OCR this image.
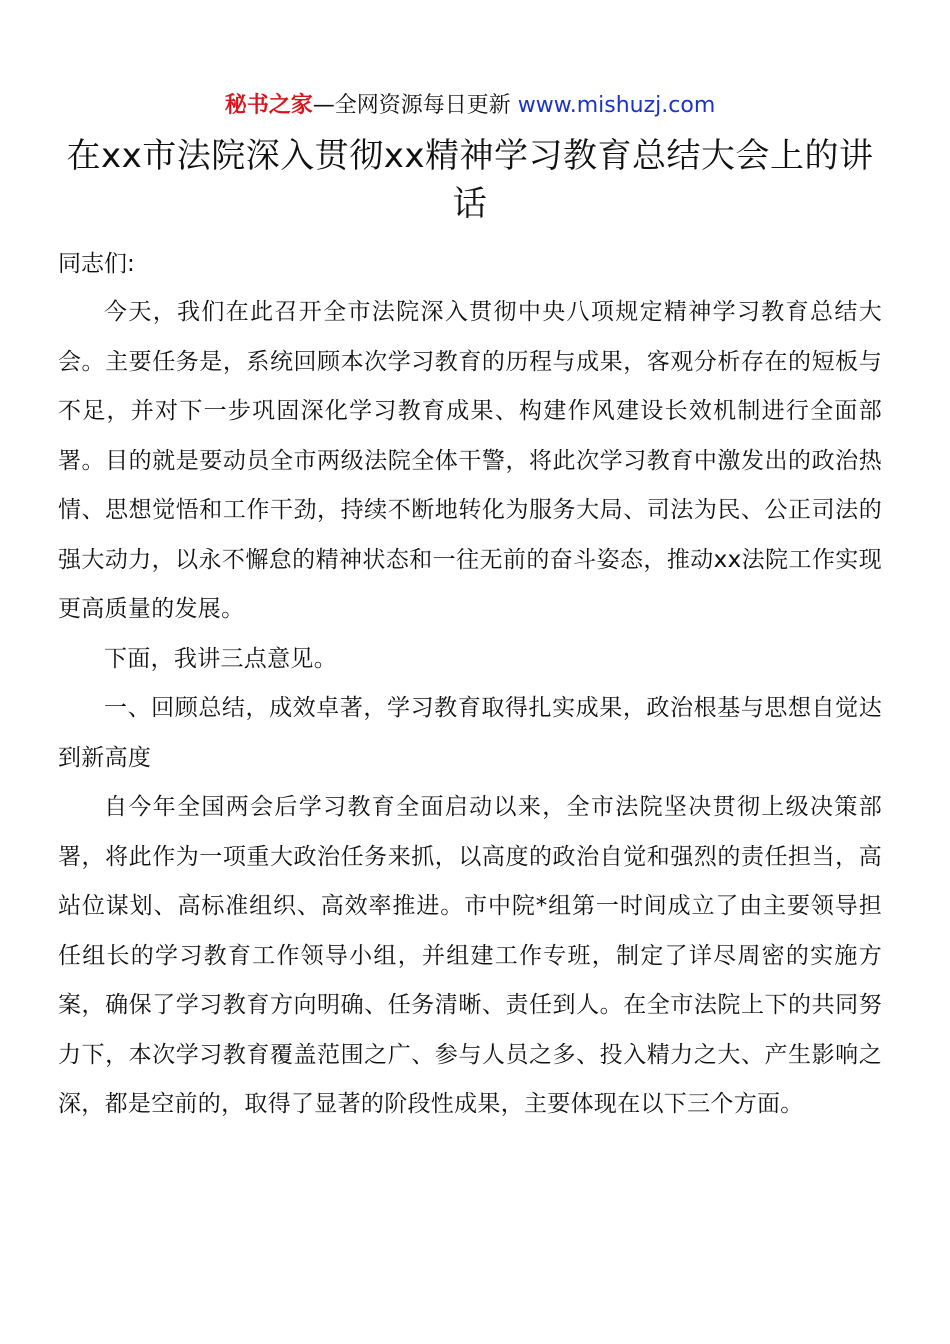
秘书之家—全网资源每日更新 www.mishuzj.com
在xx市法院深入贯彻xx精神学习教育总结大会上的讲话

同志们:

今天，我们在此召开全市法院深入贯彻中央八项规定精神学习教育总结大会。主要任务是，系统回顾本次学习教育的历程与成果，客观分析存在的短板与不足，并对下一步巩固深化学习教育成果、构建作风建设长效机制进行全面部署。目的就是要动员全市两级法院全体干警，将此次学习教育中激发出的政治热情、思想觉悟和工作干劲，持续不断地转化为服务大局、司法为民、公正司法的强大动力，以永不懈怠的精神状态和一往无前的奋斗姿态，推动xx法院工作实现更高质量的发展。

下面，我讲三点意见。

一、回顾总结，成效卓著，学习教育取得扎实成果，政治根基与思想自觉达到新高度

自今年全国两会后学习教育全面启动以来，全市法院坚决贯彻上级决策部署，将此作为一项重大政治任务来抓，以高度的政治自觉和强烈的责任担当，高站位谋划、高标准组织、高效率推进。市中院*组第一时间成立了由主要领导担任组长的学习教育工作领导小组，并组建工作专班，制定了详尽周密的实施方案，确保了学习教育方向明确、任务清晰、责任到人。在全市法院上下的共同努力下，本次学习教育覆盖范围之广、参与人员之多、投入精力之大、产生影响之深，都是空前的，取得了显著的阶段性成果，主要体现在以下三个方面。
